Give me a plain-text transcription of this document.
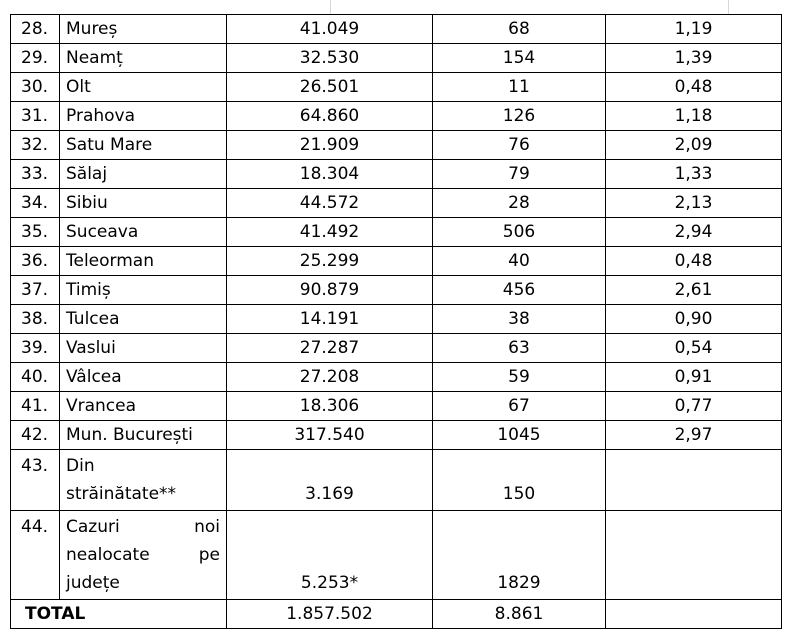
28.	Mureș	41.049	68	1,19
29.	Neamț	32.530	154	1,39
30.	Olt	26.501	11	0,48
31.	Prahova	64.860	126	1,18
32.	Satu Mare	21.909	76	2,09
33.	Sălaj	18.304	79	1,33
34.	Sibiu	44.572	28	2,13
35.	Suceava	41.492	506	2,94
36.	Teleorman	25.299	40	0,48
37.	Timiș	90.879	456	2,61
38.	Tulcea	14.191	38	0,90
39.	Vaslui	27.287	63	0,54
40.	Vâlcea	27.208	59	0,91
41.	Vrancea	18.306	67	0,77
42.	Mun. București	317.540	1045	2,97
43.	Din
străinătate**	3.169	150	
44.	Cazuri noi
nealocate pe
județe	5.253*	1829	
TOTAL		1.857.502	8.861	
